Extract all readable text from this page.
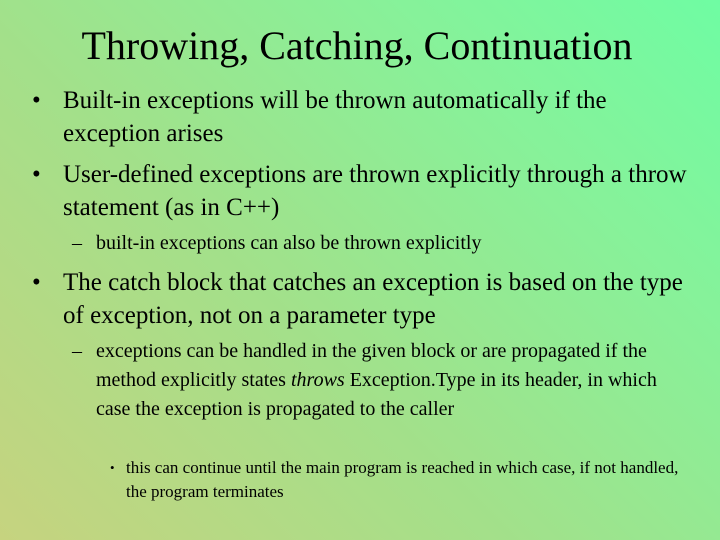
Throwing, Catching, Continuation
• Built-in exceptions will be thrown automatically if the exception arises
• User-defined exceptions are thrown explicitly through a throw statement (as in C++)
– built-in exceptions can also be thrown explicitly
• The catch block that catches an exception is based on the type of exception, not on a parameter type
– exceptions can be handled in the given block or are propagated if the method explicitly states throws Exception.Type in its header, in which case the exception is propagated to the caller
• this can continue until the main program is reached in which case, if not handled, the program terminates
